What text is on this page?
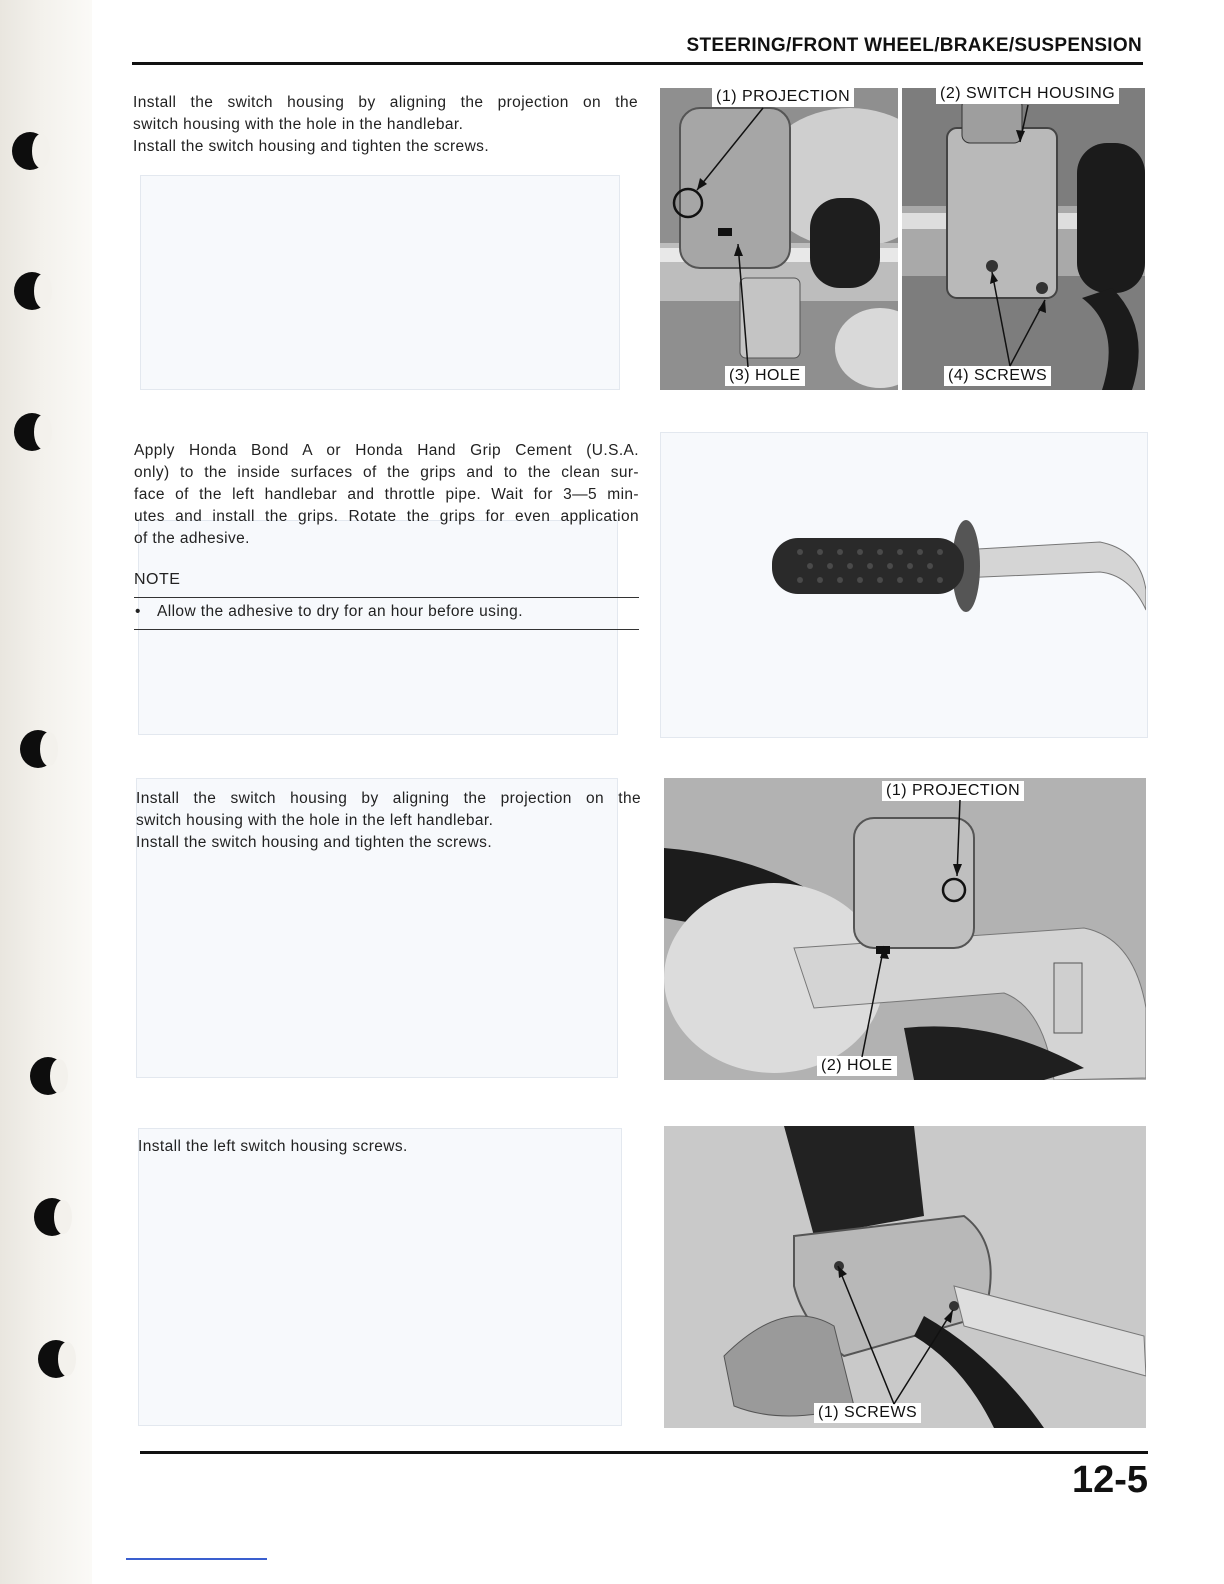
STEERING/FRONT WHEEL/BRAKE/SUSPENSION

Install the switch housing by aligning the projection on the

switch housing with the hole in the handlebar.

Install the switch housing and tighten the screws.

(1) PROJECTION	(2) SWITCH HOUSING
(3) HOLE	(4) SCREWS

Apply Honda Bond A or Honda Hand Grip Cement (U.S.A.

only) to the inside surfaces of the grips and to the clean sur-

face of the left handlebar and throttle pipe. Wait for 3—5 min-

utes and install the grips. Rotate the grips for even application

of the adhesive.

NOTE
• Allow the adhesive to dry for an hour before using.

Install the switch housing by aligning the projection on the

switch housing with the hole in the left handlebar.

Install the switch housing and tighten the screws.

(1) PROJECTION
(2) HOLE

Install the left switch housing screws.

(1) SCREWS
12-5
